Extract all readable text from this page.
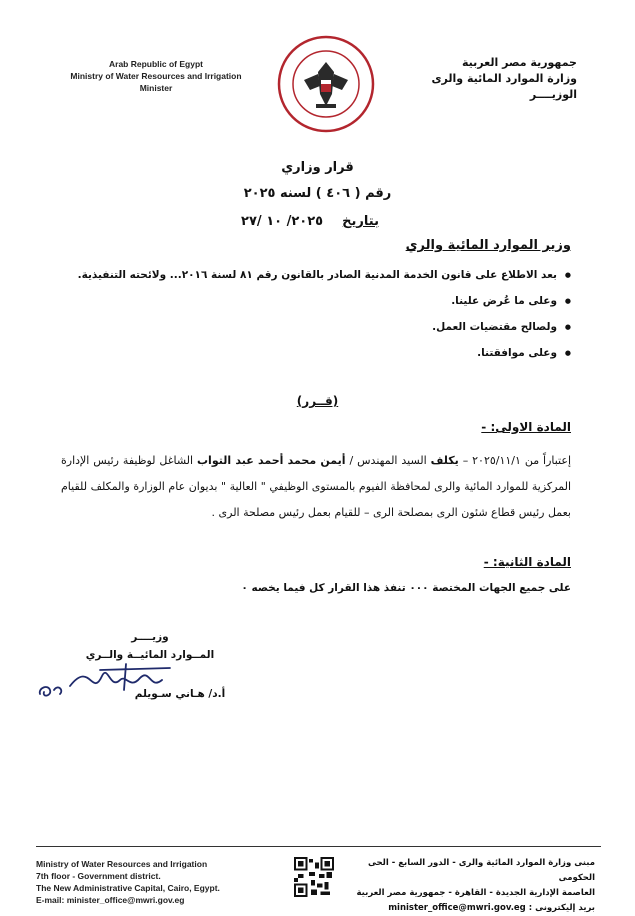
Arab Republic of Egypt
Ministry of Water Resources and Irrigation
Minister
جمهورية مصر العربية
وزارة الموارد المائية والرى
الوزيــــر
قرار وزاري
رقم ( ٤٠٦ ) لسنه ٢٠٢٥
بتاريخ  ٢٠٢٥/ ١٠ /٢٧
وزير الموارد المائية والري
● بعد الاطلاع على قانون الخدمة المدنية الصادر بالقانون رقم ٨١ لسنة ٢٠١٦... ولائحته التنفيذية.
● وعلى ما عُرض علينا.
● ولصالح مقتضيات العمل.
● وعلى موافقتنا.
(قــرر)
المادة الاولى: -
إعتباراً من ٢٠٢٥/١١/١ – يكلف السيد المهندس / أيمن محمد أحمد عبد التواب الشاغل لوظيفة رئيس الإدارة المركزية للموارد المائية والرى لمحافظة الفيوم بالمستوى الوظيفي " العالية " بديوان عام الوزارة والمكلف للقيام بعمل رئيس قطاع شئون الرى بمصلحة الرى – للقيام بعمل رئيس مصلحة الرى .
المادة الثانية: -
على جميع الجهات المختصة ٠٠٠ تنفذ هذا القرار كل فيما يخصه ٠
وزيــــر
المــوارد المائيــة والــري
أ.د/ هـاني سـويلم
Ministry of Water Resources and Irrigation
7th floor - Government district.
The New Administrative Capital, Cairo, Egypt.
E-mail: minister_office@mwri.gov.eg
مبنى وزارة الموارد المائية والرى - الدور السابع - الحى الحكومى
العاصمة الإدارية الجديدة - القاهرة - جمهورية مصر العربية
بريد إليكترونى : minister_office@mwri.gov.eg
